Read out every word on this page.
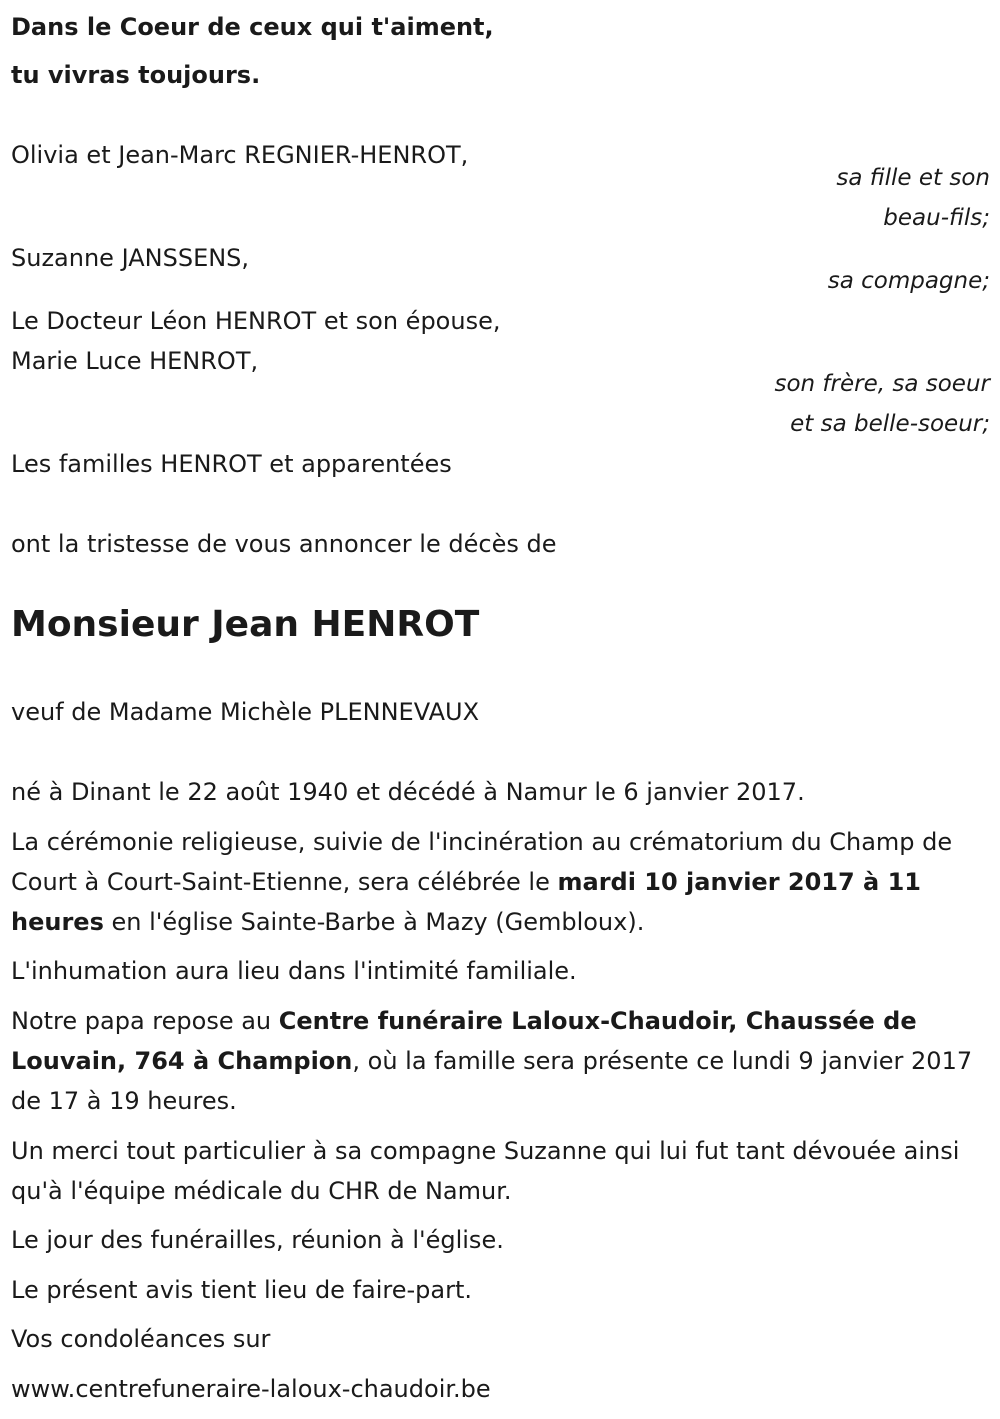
Dans le Coeur de ceux qui t'aiment,
tu vivras toujours.
Olivia et Jean-Marc REGNIER-HENROT,
sa fille et son
beau-fils;
Suzanne JANSSENS,
sa compagne;
Le Docteur Léon HENROT et son épouse,
Marie Luce HENROT,
son frère, sa soeur
et sa belle-soeur;
Les familles HENROT et apparentées
ont la tristesse de vous annoncer le décès de
Monsieur Jean HENROT
veuf de Madame Michèle PLENNEVAUX
né à Dinant le 22 août 1940 et décédé à Namur le 6 janvier 2017.
La cérémonie religieuse, suivie de l'incinération au crématorium du Champ de Court à Court-Saint-Etienne, sera célébrée le mardi 10 janvier 2017 à 11 heures en l'église Sainte-Barbe à Mazy (Gembloux).
L'inhumation aura lieu dans l'intimité familiale.
Notre papa repose au Centre funéraire Laloux-Chaudoir, Chaussée de Louvain, 764 à Champion, où la famille sera présente ce lundi 9 janvier 2017 de 17 à 19 heures.
Un merci tout particulier à sa compagne Suzanne qui lui fut tant dévouée ainsi qu'à l'équipe médicale du CHR de Namur.
Le jour des funérailles, réunion à l'église.
Le présent avis tient lieu de faire-part.
Vos condoléances sur
www.centrefuneraire-laloux-chaudoir.be
